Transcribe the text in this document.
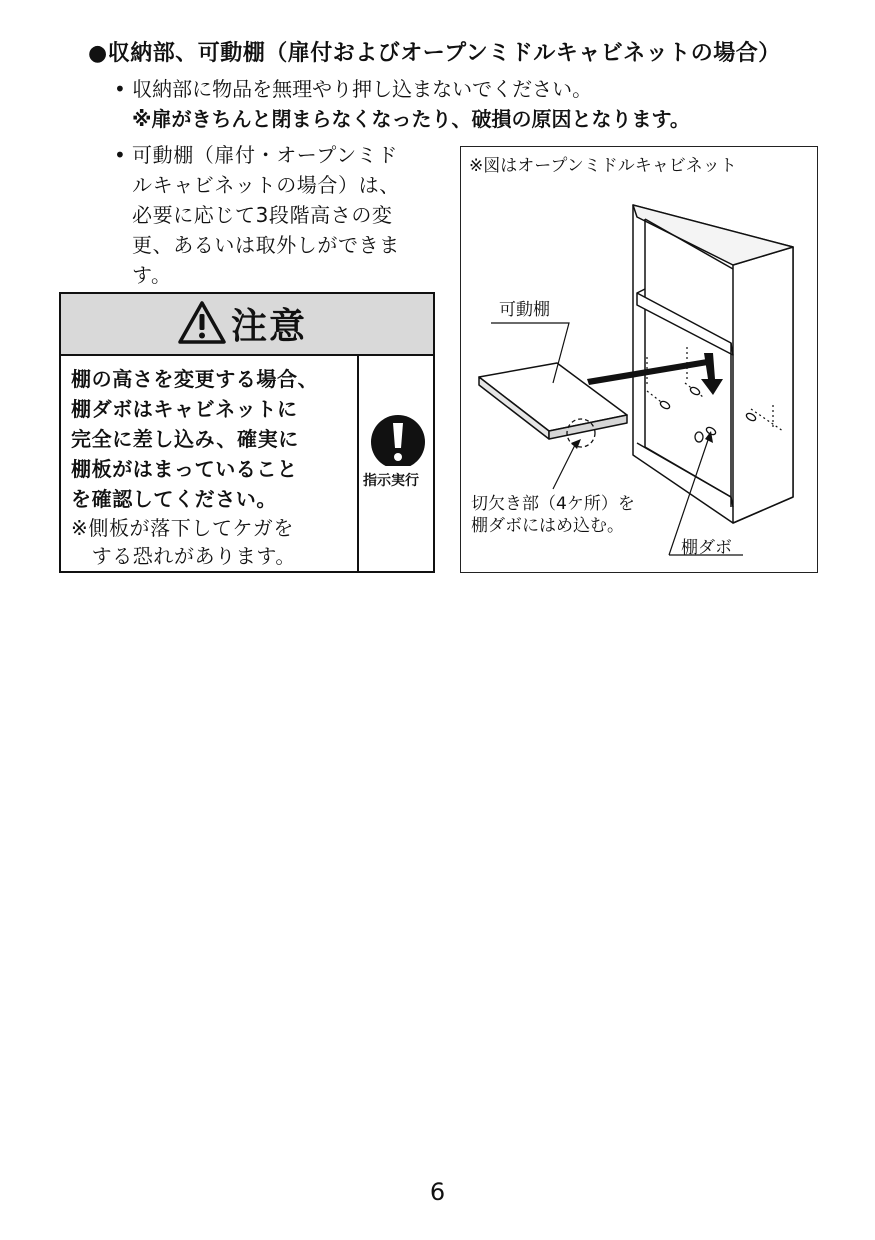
●収納部、可動棚（扉付およびオープンミドルキャビネットの場合）
• 収納部に物品を無理やり押し込まないでください。
※扉がきちんと閉まらなくなったり、破損の原因となります。
• 可動棚（扉付・オープンミド
ルキャビネットの場合）は、
必要に応じて3段階高さの変
更、あるいは取外しができま
す。
注意
棚の高さを変更する場合、
棚ダボはキャビネットに
完全に差し込み、確実に
棚板がはまっていること
を確認してください。
※側板が落下してケガを
　する恐れがあります。
指示実行
※図はオープンミドルキャビネット
可動棚
切欠き部（4ケ所）を
棚ダボにはめ込む。
棚ダボ
6
